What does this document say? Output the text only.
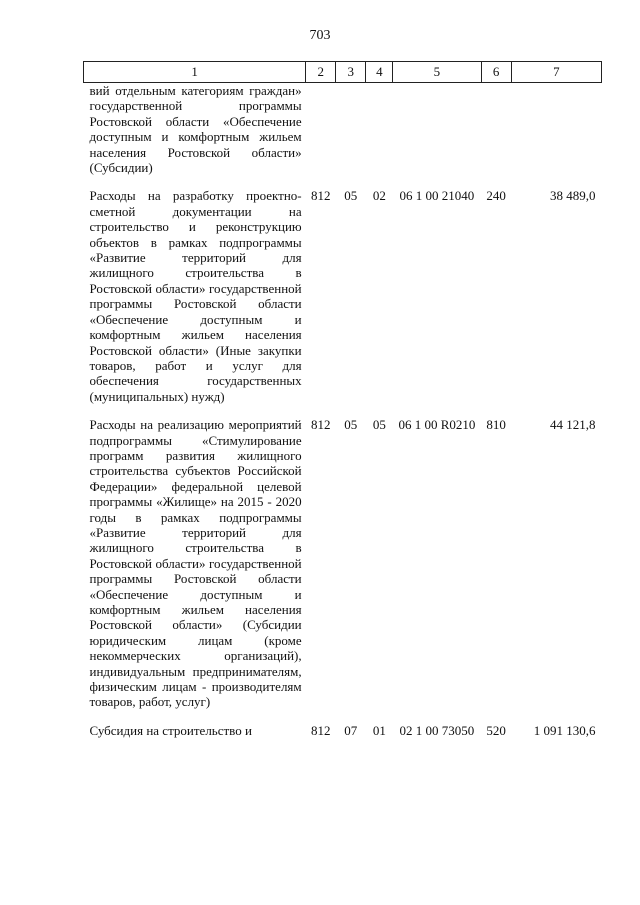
703
1	2	3	4	5	6	7
вий отдельным категориям граждан» государственной программы Ростовской области «Обеспечение доступным и комфортным жильем населения Ростовской области» (Субсидии)						
Расходы на разработку проектно-сметной документации на строительство и реконструкцию объектов в рамках подпрограммы «Развитие территорий для жилищного строительства в Ростовской области» государственной программы Ростовской области «Обеспечение доступным и комфортным жильем населения Ростовской области» (Иные закупки товаров, работ и услуг для обеспечения государственных (муниципальных) нужд)	812	05	02	06 1 00 21040	240	38 489,0
Расходы на реализацию мероприятий подпрограммы «Стимулирование программ развития жилищного строительства субъектов Российской Федерации» федеральной целевой программы «Жилище» на 2015 - 2020 годы в рамках подпрограммы «Развитие территорий для жилищного строительства в Ростовской области» государственной программы Ростовской области «Обеспечение доступным и комфортным жильем населения Ростовской области» (Субсидии юридическим лицам (кроме некоммерческих организаций), индивидуальным предпринимателям, физическим лицам - производителям товаров, работ, услуг)	812	05	05	06 1 00 R0210	810	44 121,8
Субсидия на строительство и	812	07	01	02 1 00 73050	520	1 091 130,6
